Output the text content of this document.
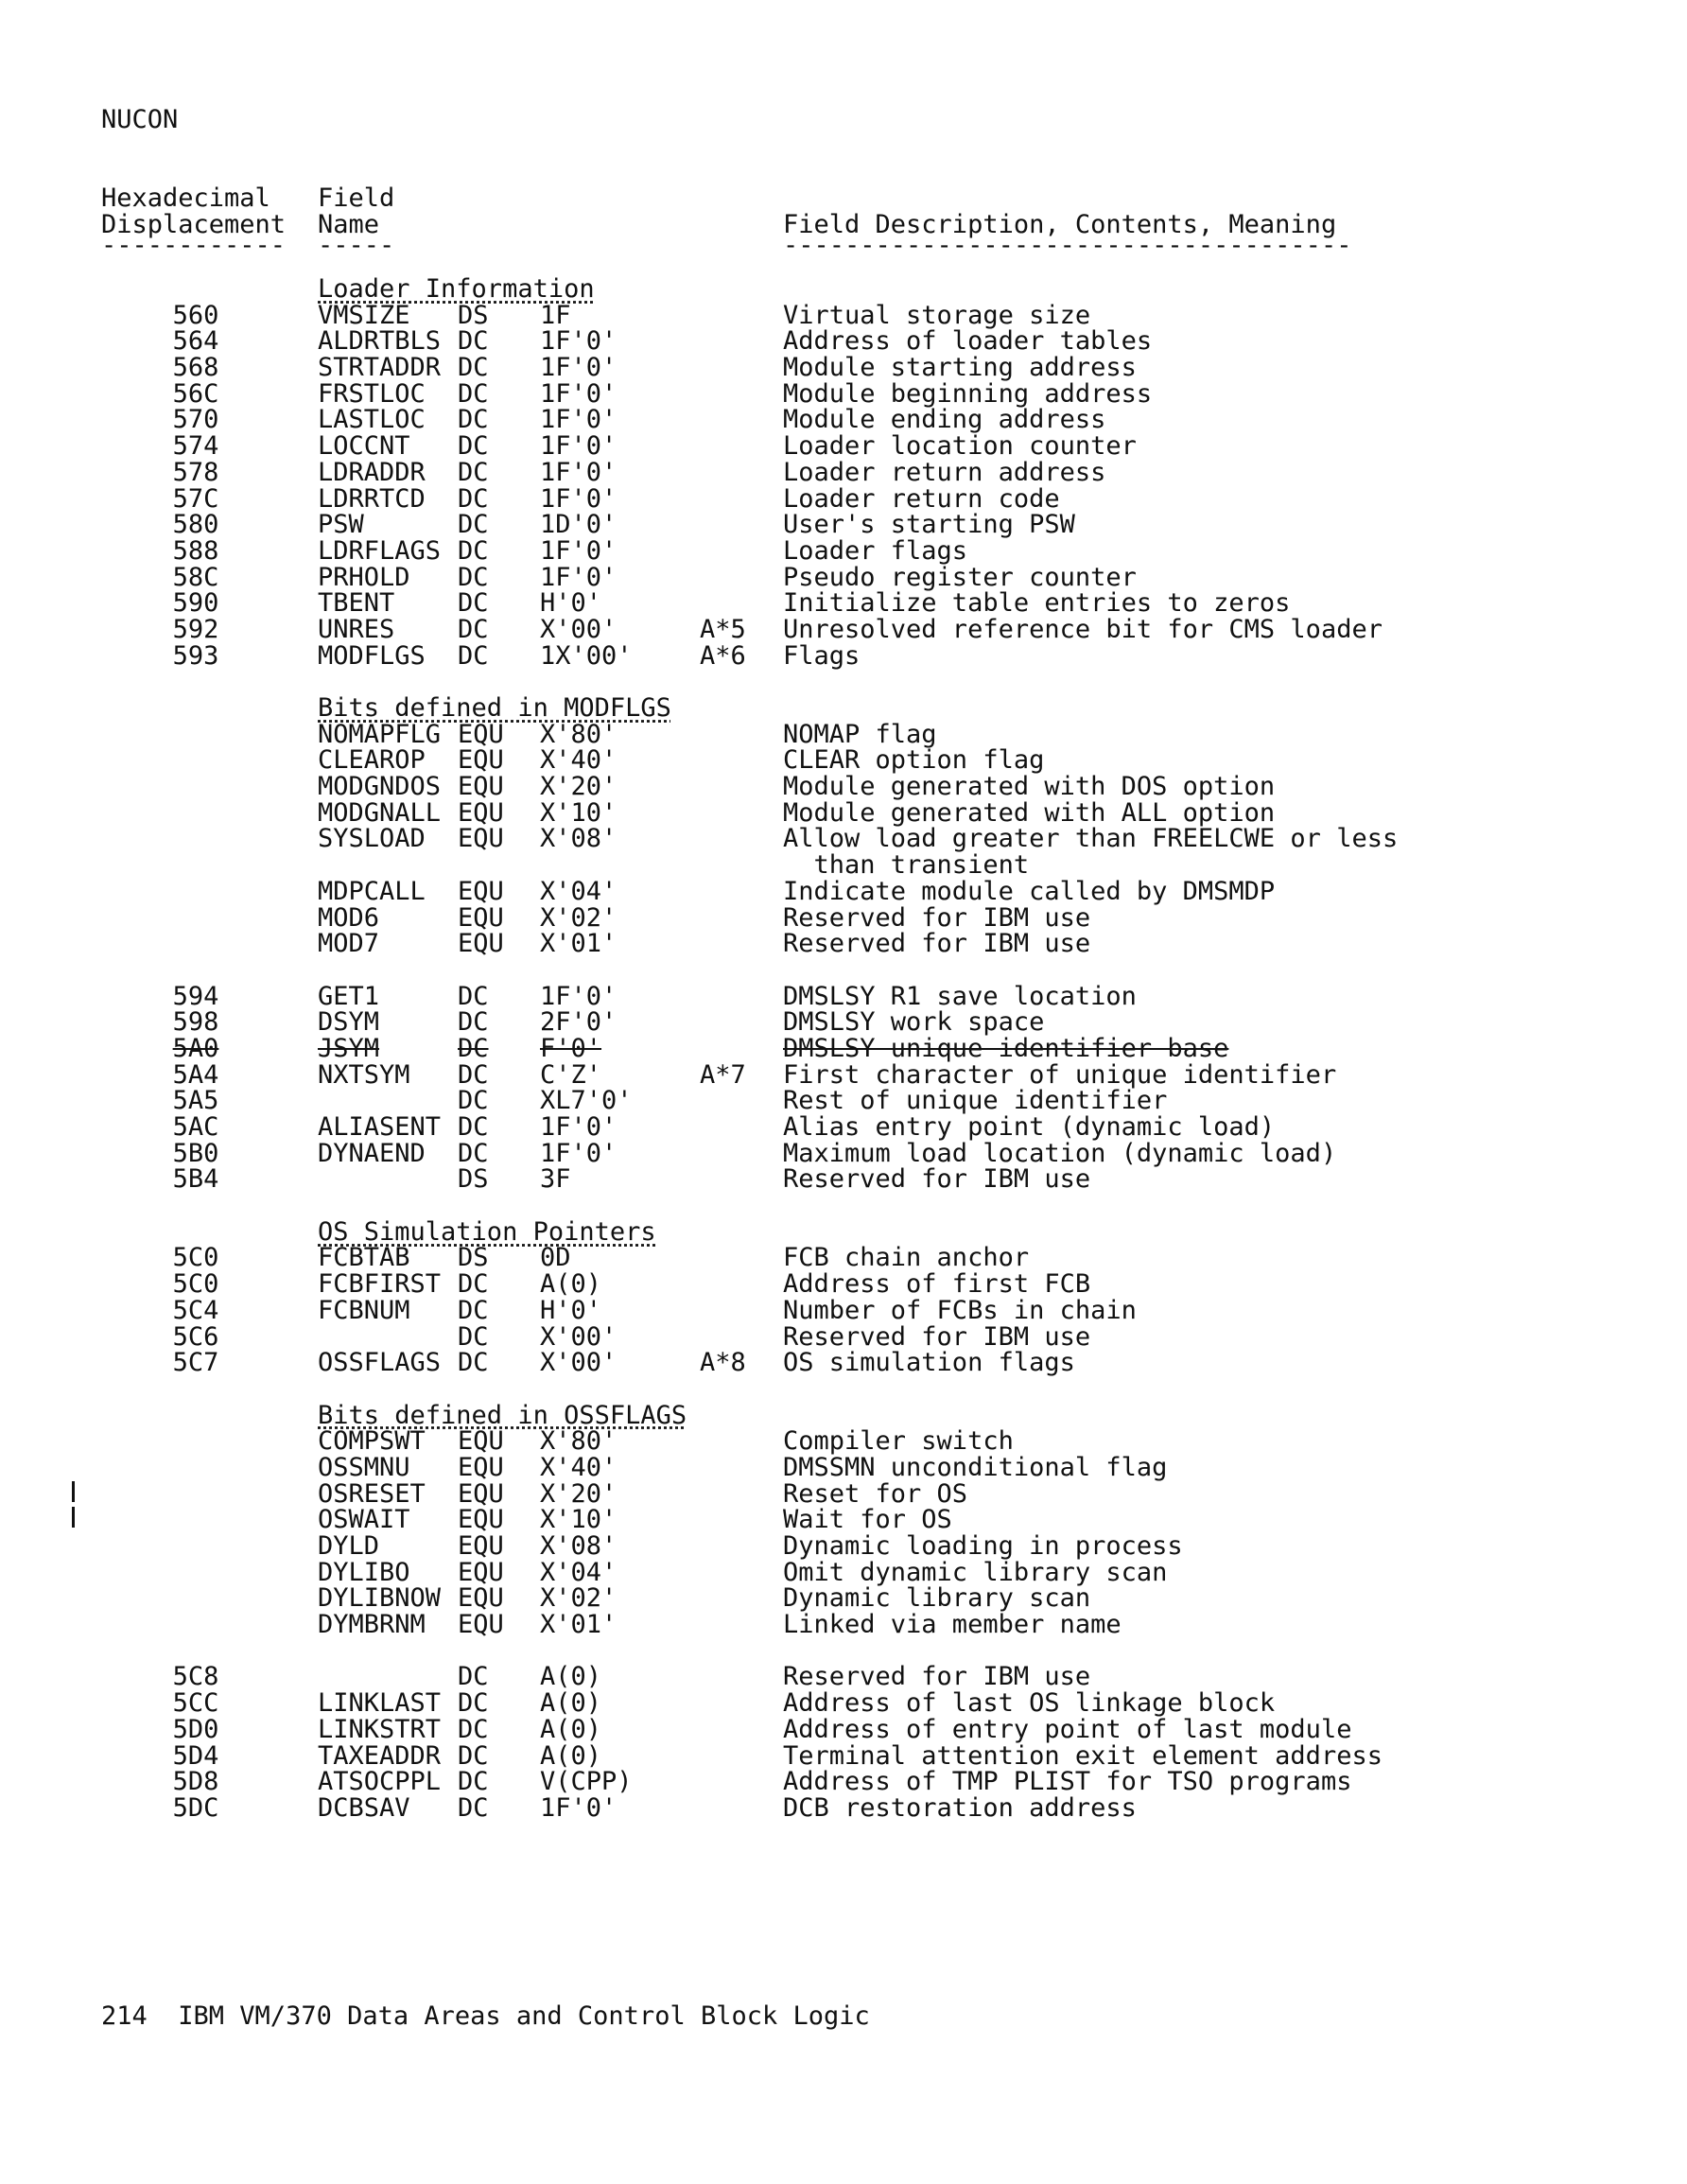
NUCON
Hexadecimal
Displacement
------------
Field
Name
-----
Field Description, Contents, Meaning
-------------------------------------
Loader Information
560	VMSIZE DS 1F	Virtual storage size
564	ALDRTBLS DC 1F'0'	Address of loader tables
568	STRTADDR DC 1F'0'	Module starting address
56C	FRSTLOC DC 1F'0'	Module beginning address
570	LASTLOC DC 1F'0'	Module ending address
574	LOCCNT DC 1F'0'	Loader location counter
578	LDRADDR DC 1F'0'	Loader return address
57C	LDRRTCD DC 1F'0'	Loader return code
580	PSW	DC 1D'0'	User's starting PSW
588	LDRFLAGS DC 1F'0'	Loader flags
58C	PRHOLD DC 1F'0'	Pseudo register counter
590	TBENT DC H'0'	Initialize table entries to zeros
592	UNRES DC X'00'	A*5 Unresolved reference bit for CMS loader
593	MODFLGS DC 1X'00'	A*6 Flags
Bits defined in MODFLGS
NOMAPFLG EQU X'80'	NOMAP flag
CLEAROP EQU X'40'	CLEAR option flag
MODGNDOS EQU X'20'	Module generated with DOS option
MODGNALL EQU X'10'	Module generated with ALL option
SYSLOAD EQU X'08'	Allow load greater than FREELCWE or less
than transient
MDPCALL EQU X'04'	Indicate module called by DMSMDP
MOD6	EQU X'02'	Reserved for IBM use
MOD7	EQU X'01'	Reserved for IBM use
594	GET1	DC 1F'0'	DMSLSY R1 save location
598	DSYM	DC 2F'0'	DMSLSY work space
5A0	JSYM	DC F'0'	DMSLSY unique identifier base
5A4	NXTSYM DC C'Z'	A*7 First character of unique identifier
5A5	DC XL7'0'	Rest of unique identifier
5AC	ALIASENT DC 1F'0'	Alias entry point (dynamic load)
5B0	DYNAEND DC 1F'0'	Maximum load location (dynamic load)
5B4	DS 3F	Reserved for IBM use
OS Simulation Pointers
5C0	FCBTAB DS 0D	FCB chain anchor
5C0	FCBFIRST DC A(0)	Address of first FCB
5C4	FCBNUM DC H'0'	Number of FCBs in chain
5C6	DC X'00'	Reserved for IBM use
5C7	OSSFLAGS DC X'00'	A*8 OS simulation flags
Bits defined in OSSFLAGS
COMPSWT EQU X'80'	Compiler switch
OSSMNU EQU X'40'	DMSSMN unconditional flag
OSRESET EQU X'20'	Reset for OS
OSWAIT EQU X'10'	Wait for OS
DYLD	EQU X'08'	Dynamic loading in process
DYLIBO EQU X'04'	Omit dynamic library scan
DYLIBNOW EQU X'02'	Dynamic library scan
DYMBRNM EQU X'01'	Linked via member name
5C8	DC A(0)	Reserved for IBM use
5CC	LINKLAST DC A(0)	Address of last OS linkage block
5D0	LINKSTRT DC A(0)	Address of entry point of last module
5D4	TAXEADDR DC A(0)	Terminal attention exit element address
5D8	ATSOCPPL DC V(CPP)	Address of TMP PLIST for TSO programs
5DC	DCBSAV DC 1F'0'	DCB restoration address
214  IBM VM/370 Data Areas and Control Block Logic
